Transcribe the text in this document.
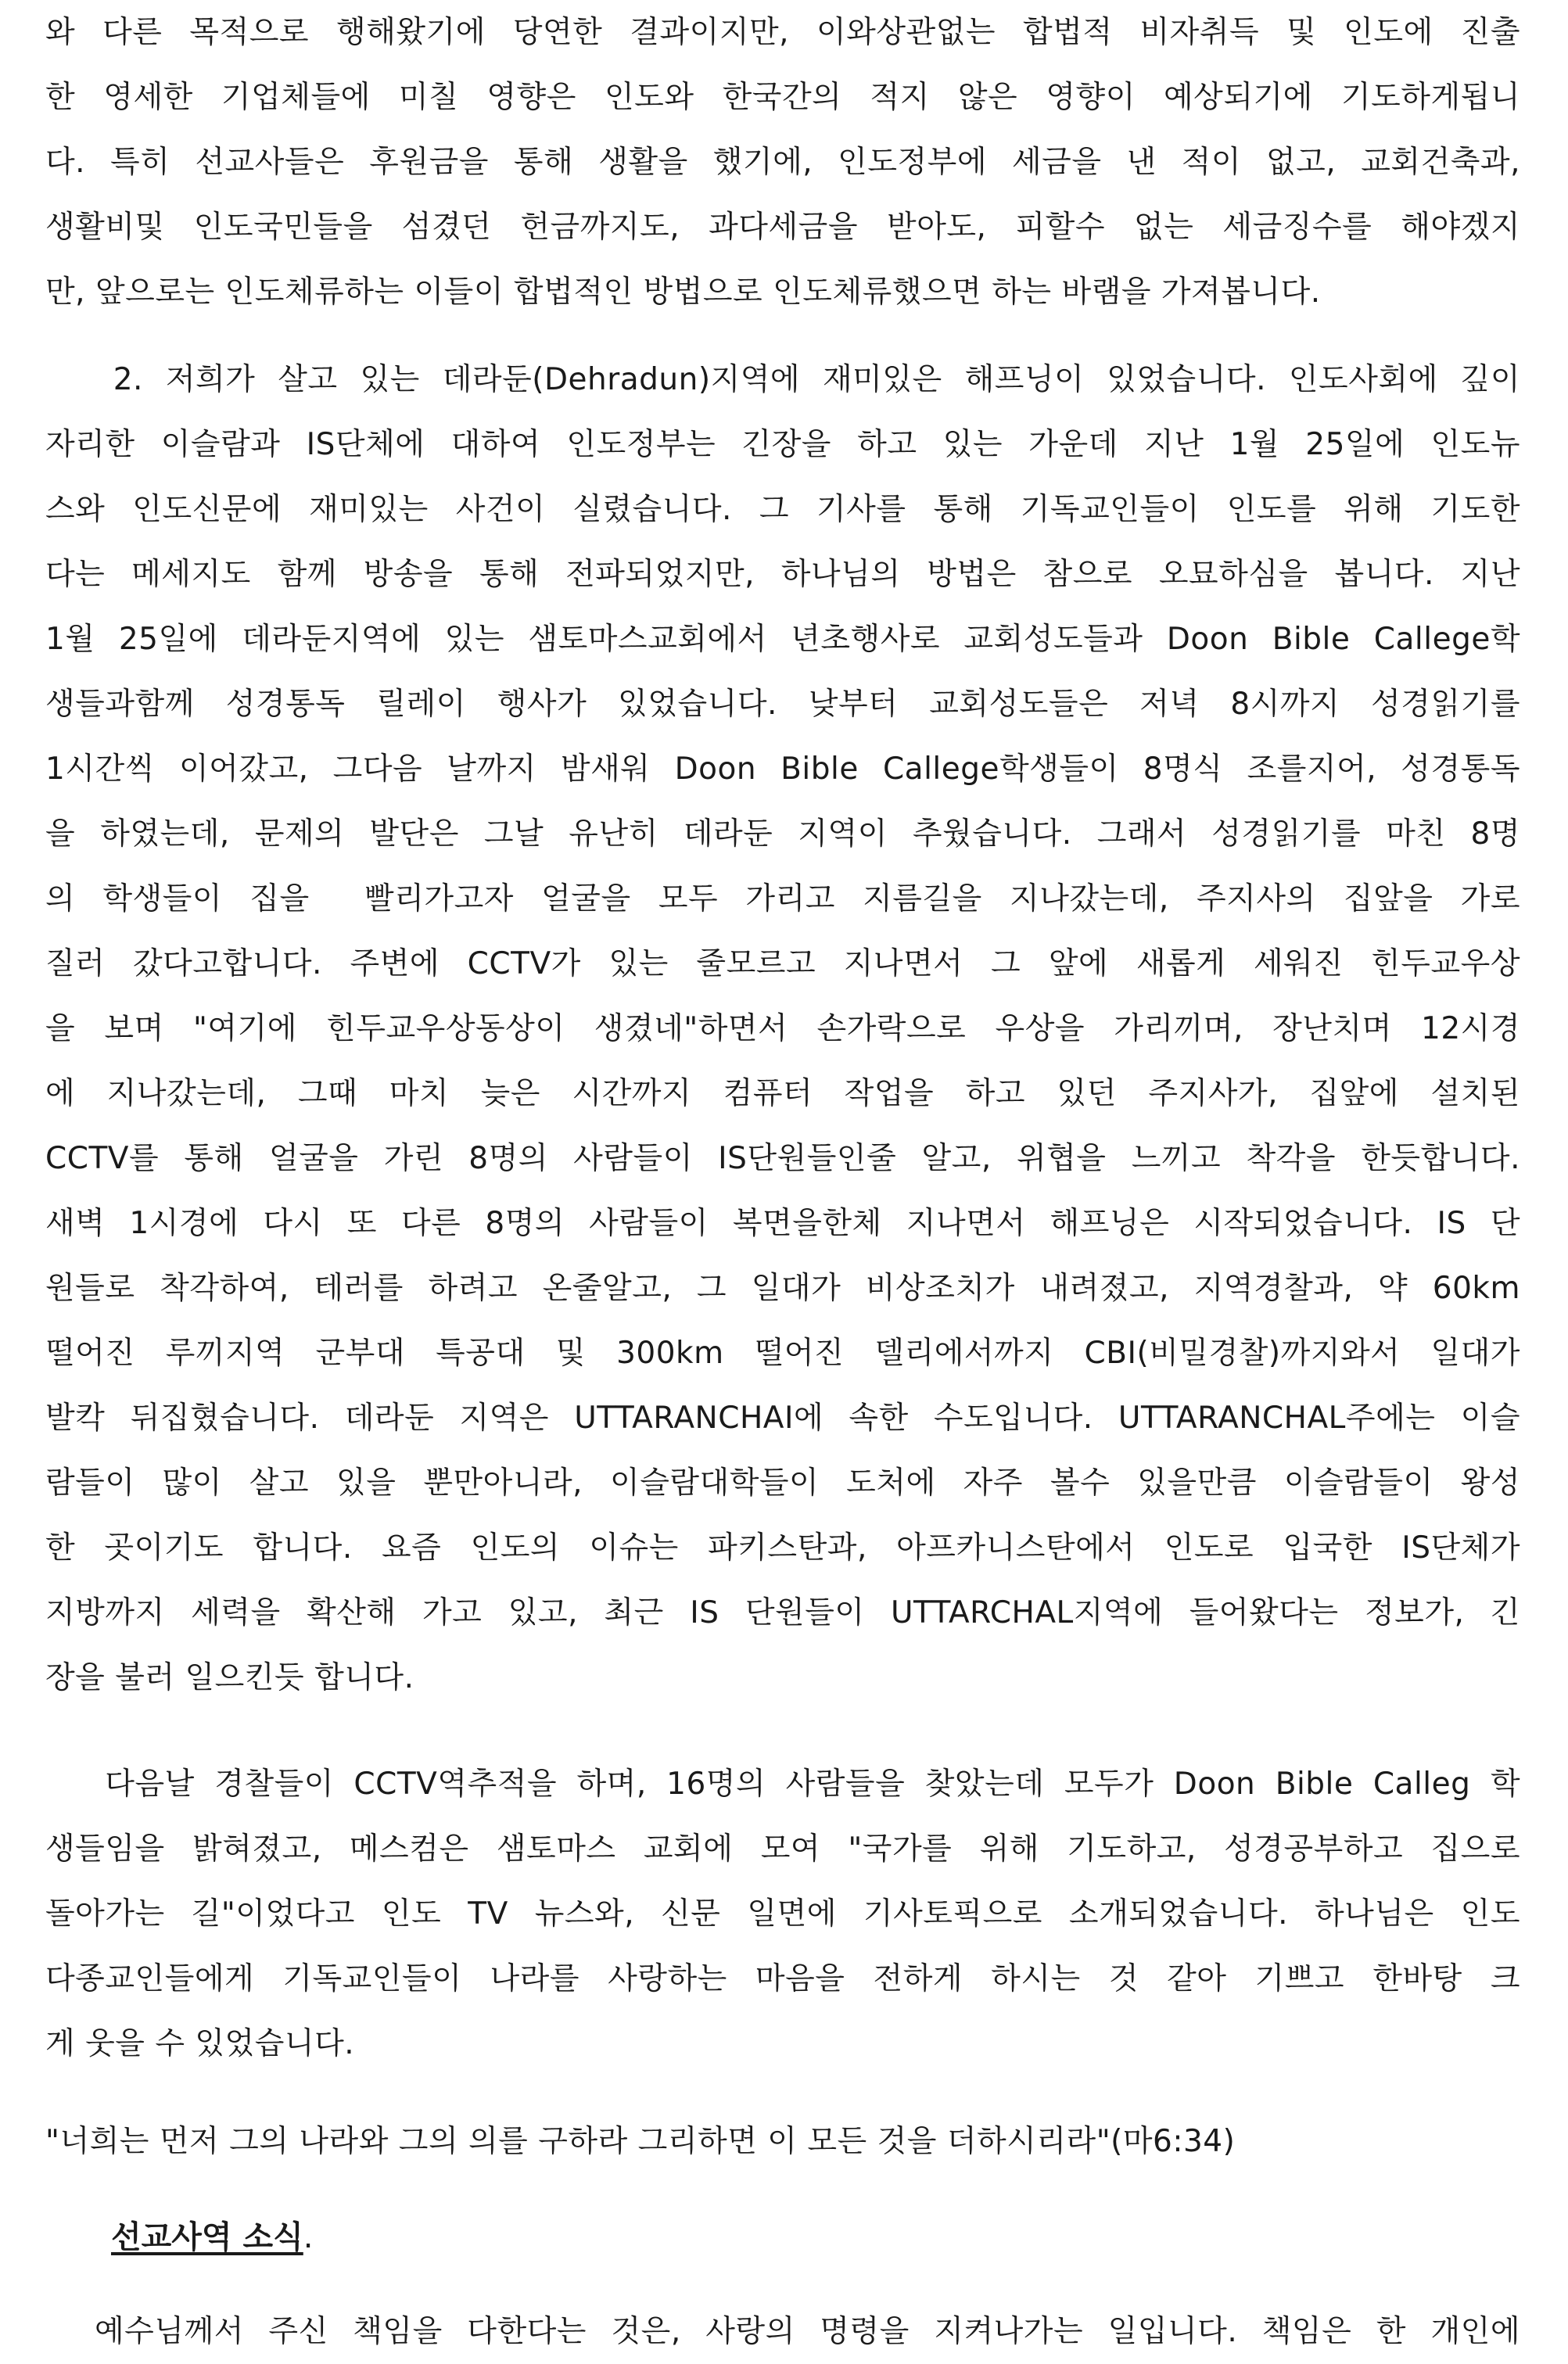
와 다른 목적으로 행해왔기에 당연한 결과이지만, 이와상관없는 합법적 비자취득 및 인도에 진출
한 영세한 기업체들에 미칠 영향은 인도와 한국간의 적지 않은 영향이 예상되기에 기도하게됩니
다. 특히 선교사들은 후원금을 통해 생활을 했기에, 인도정부에 세금을 낸 적이 없고, 교회건축과,
생활비및 인도국민들을 섬겼던 헌금까지도, 과다세금을 받아도, 피할수 없는 세금징수를 해야겠지
만, 앞으로는 인도체류하는 이들이 합법적인 방법으로 인도체류했으면 하는 바램을 가져봅니다.
2. 저희가 살고 있는 데라둔(Dehradun)지역에 재미있은 해프닝이 있었습니다. 인도사회에 깊이
자리한 이슬람과 IS단체에 대하여 인도정부는 긴장을 하고 있는 가운데 지난 1월 25일에 인도뉴
스와 인도신문에 재미있는 사건이 실렸습니다. 그 기사를 통해 기독교인들이 인도를 위해 기도한
다는 메세지도 함께 방송을 통해 전파되었지만, 하나님의 방법은 참으로 오묘하심을 봅니다. 지난
1월 25일에 데라둔지역에 있는 샘토마스교회에서 년초행사로 교회성도들과 Doon Bible Callege학
생들과함께 성경통독 릴레이 행사가 있었습니다. 낮부터 교회성도들은 저녁 8시까지 성경읽기를
1시간씩 이어갔고, 그다음 날까지 밤새워 Doon Bible Callege학생들이 8명식 조를지어, 성경통독
을 하였는데, 문제의 발단은 그날 유난히 데라둔 지역이 추웠습니다. 그래서 성경읽기를 마친 8명
의 학생들이 집을  빨리가고자 얼굴을 모두 가리고 지름길을 지나갔는데, 주지사의 집앞을 가로
질러 갔다고합니다. 주변에 CCTV가 있는 줄모르고 지나면서 그 앞에 새롭게 세워진 힌두교우상
을 보며 "여기에 힌두교우상동상이 생겼네"하면서 손가락으로 우상을 가리끼며, 장난치며 12시경
에 지나갔는데, 그때 마치 늦은 시간까지 컴퓨터 작업을 하고 있던 주지사가, 집앞에 설치된
CCTV를 통해 얼굴을 가린 8명의 사람들이 IS단원들인줄 알고, 위협을 느끼고 착각을 한듯합니다.
새벽 1시경에 다시 또 다른 8명의 사람들이 복면을한체 지나면서 해프닝은 시작되었습니다. IS 단
원들로 착각하여, 테러를 하려고 온줄알고, 그 일대가 비상조치가 내려졌고, 지역경찰과, 약 60km
떨어진 루끼지역 군부대 특공대 및 300km 떨어진 델리에서까지 CBI(비밀경찰)까지와서 일대가
발칵 뒤집혔습니다. 데라둔 지역은 UTTARANCHAI에 속한 수도입니다. UTTARANCHAL주에는 이슬
람들이 많이 살고 있을 뿐만아니라, 이슬람대학들이 도처에 자주 볼수 있을만큼 이슬람들이 왕성
한 곳이기도 합니다. 요즘 인도의 이슈는 파키스탄과, 아프카니스탄에서 인도로 입국한 IS단체가
지방까지 세력을 확산해 가고 있고, 최근 IS 단원들이 UTTARCHAL지역에 들어왔다는 정보가, 긴
장을 불러 일으킨듯 합니다.
다음날 경찰들이 CCTV역추적을 하며, 16명의 사람들을 찾았는데 모두가 Doon Bible Calleg 학
생들임을 밝혀졌고, 메스컴은 샘토마스 교회에 모여 "국가를 위해 기도하고, 성경공부하고 집으로
돌아가는 길"이었다고 인도 TV 뉴스와, 신문 일면에 기사토픽으로 소개되었습니다. 하나님은 인도
다종교인들에게 기독교인들이 나라를 사랑하는 마음을 전하게 하시는 것 같아 기쁘고 한바탕 크
게 웃을 수 있었습니다.
"너희는 먼저 그의 나라와 그의 의를 구하라 그리하면 이 모든 것을 더하시리라"(마6:34)
선교사역 소식.
예수님께서 주신 책임을 다한다는 것은, 사랑의 명령을 지켜나가는 일입니다. 책임은 한 개인에
